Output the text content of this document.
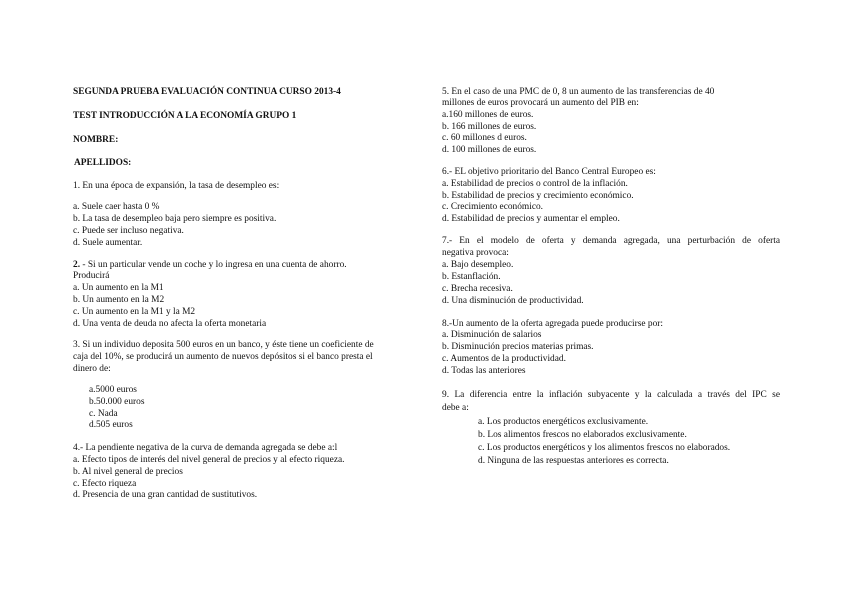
SEGUNDA PRUEBA EVALUACIÓN CONTINUA CURSO 2013-4
TEST INTRODUCCIÓN A LA ECONOMÍA GRUPO 1
NOMBRE:
APELLIDOS:
1. En una época de expansión, la tasa de desempleo es:
a. Suele caer hasta 0 %
b. La tasa de desempleo baja pero siempre es positiva.
c. Puede ser incluso negativa.
d. Suele aumentar.
2. - Si un particular vende un coche y lo ingresa en una cuenta de ahorro.
Producirá
a. Un aumento en la M1
b. Un aumento en la M2
c. Un aumento en la M1 y la M2
d. Una venta de deuda no afecta la oferta monetaria
3. Si un individuo deposita 500 euros en un banco, y éste tiene un coeficiente de
caja del 10%, se producirá un aumento de nuevos depósitos si el banco presta el
dinero de:
a.5000 euros
b.50.000 euros
c. Nada
d.505 euros
4.- La pendiente negativa de la curva de demanda agregada se debe a:l
a. Efecto tipos de interés del nivel general de precios y al efecto riqueza.
b. Al nivel general de precios
c. Efecto riqueza
d. Presencia de una gran cantidad de sustitutivos.
5. En el caso de una PMC de 0, 8 un aumento de las transferencias de 40
millones de euros provocará un aumento del PIB en:
a.160 millones de euros.
b. 166 millones de euros.
c. 60 millones d euros.
d. 100 millones de euros.
6.- EL objetivo prioritario del Banco Central Europeo es:
a. Estabilidad de precios o control de la inflación.
b. Estabilidad de precios y crecimiento económico.
c. Crecimiento económico.
d. Estabilidad de precios y aumentar el empleo.
7.- En el modelo de oferta y demanda agregada, una perturbación de oferta
negativa provoca:
a. Bajo desempleo.
b. Estanflación.
c. Brecha recesiva.
d. Una disminución de productividad.
8.-Un aumento de la oferta agregada puede producirse por:
a. Disminución de salarios
b. Disminución precios materias primas.
c. Aumentos de la productividad.
d. Todas las anteriores
9. La diferencia entre la inflación subyacente y la calculada a través del IPC se
debe a:
a. Los productos energéticos exclusivamente.
b. Los alimentos frescos no elaborados exclusivamente.
c. Los productos energéticos y los alimentos frescos no elaborados.
d. Ninguna de las respuestas anteriores es correcta.
